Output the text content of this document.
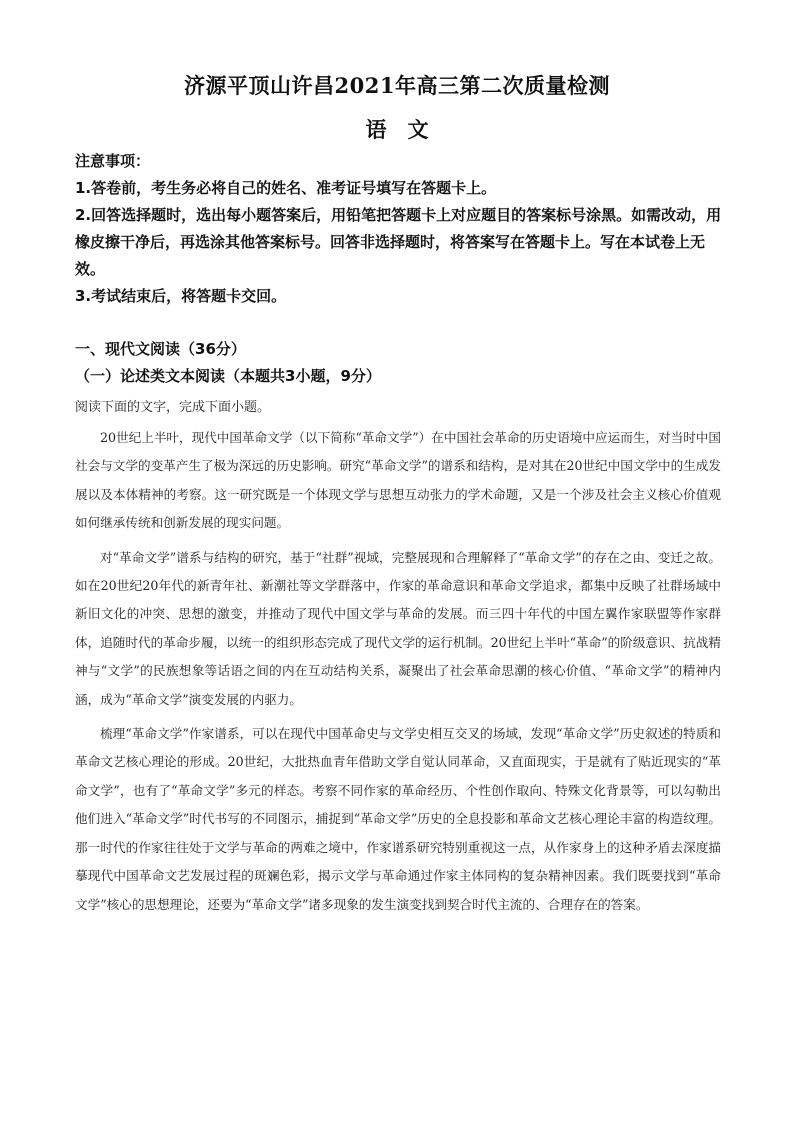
济源平顶山许昌2021年高三第二次质量检测
语　文

注意事项：

1.答卷前，考生务必将自己的姓名、准考证号填写在答题卡上。

2.回答选择题时，选出每小题答案后，用铅笔把答题卡上对应题目的答案标号涂黑。如需改动，用橡皮擦干净后，再选涂其他答案标号。回答非选择题时，将答案写在答题卡上。写在本试卷上无效。

3.考试结束后，将答题卡交回。

一、现代文阅读（36分）

（一）论述类文本阅读（本题共3小题，9分）

阅读下面的文字，完成下面小题。

20世纪上半叶，现代中国革命文学（以下简称“革命文学”）在中国社会革命的历史语境中应运而生，对当时中国社会与文学的变革产生了极为深远的历史影响。研究“革命文学”的谱系和结构，是对其在20世纪中国文学中的生成发展以及本体精神的考察。这一研究既是一个体现文学与思想互动张力的学术命题，又是一个涉及社会主义核心价值观如何继承传统和创新发展的现实问题。

对“革命文学”谱系与结构的研究，基于“社群”视域，完整展现和合理解释了“革命文学”的存在之由、变迁之故。如在20世纪20年代的新青年社、新潮社等文学群落中，作家的革命意识和革命文学追求，都集中反映了社群场域中新旧文化的冲突、思想的激变，并推动了现代中国文学与革命的发展。而三四十年代的中国左翼作家联盟等作家群体，追随时代的革命步履，以统一的组织形态完成了现代文学的运行机制。20世纪上半叶“革命”的阶级意识、抗战精神与“文学”的民族想象等话语之间的内在互动结构关系，凝聚出了社会革命思潮的核心价值、“革命文学”的精神内涵，成为“革命文学”演变发展的内驱力。

梳理“革命文学”作家谱系，可以在现代中国革命史与文学史相互交叉的场域，发现“革命文学”历史叙述的特质和革命文艺核心理论的形成。20世纪，大批热血青年借助文学自觉认同革命，又直面现实，于是就有了贴近现实的“革命文学”，也有了“革命文学”多元的样态。考察不同作家的革命经历、个性创作取向、特殊文化背景等，可以勾勒出他们进入“革命文学”时代书写的不同图示，捕捉到“革命文学”历史的全息投影和革命文艺核心理论丰富的构造纹理。那一时代的作家往往处于文学与革命的两难之境中，作家谱系研究特别重视这一点，从作家身上的这种矛盾去深度描摹现代中国革命文艺发展过程的斑斓色彩，揭示文学与革命通过作家主体同构的复杂精神因素。我们既要找到“革命文学”核心的思想理论，还要为“革命文学”诸多现象的发生演变找到契合时代主流的、合理存在的答案。
